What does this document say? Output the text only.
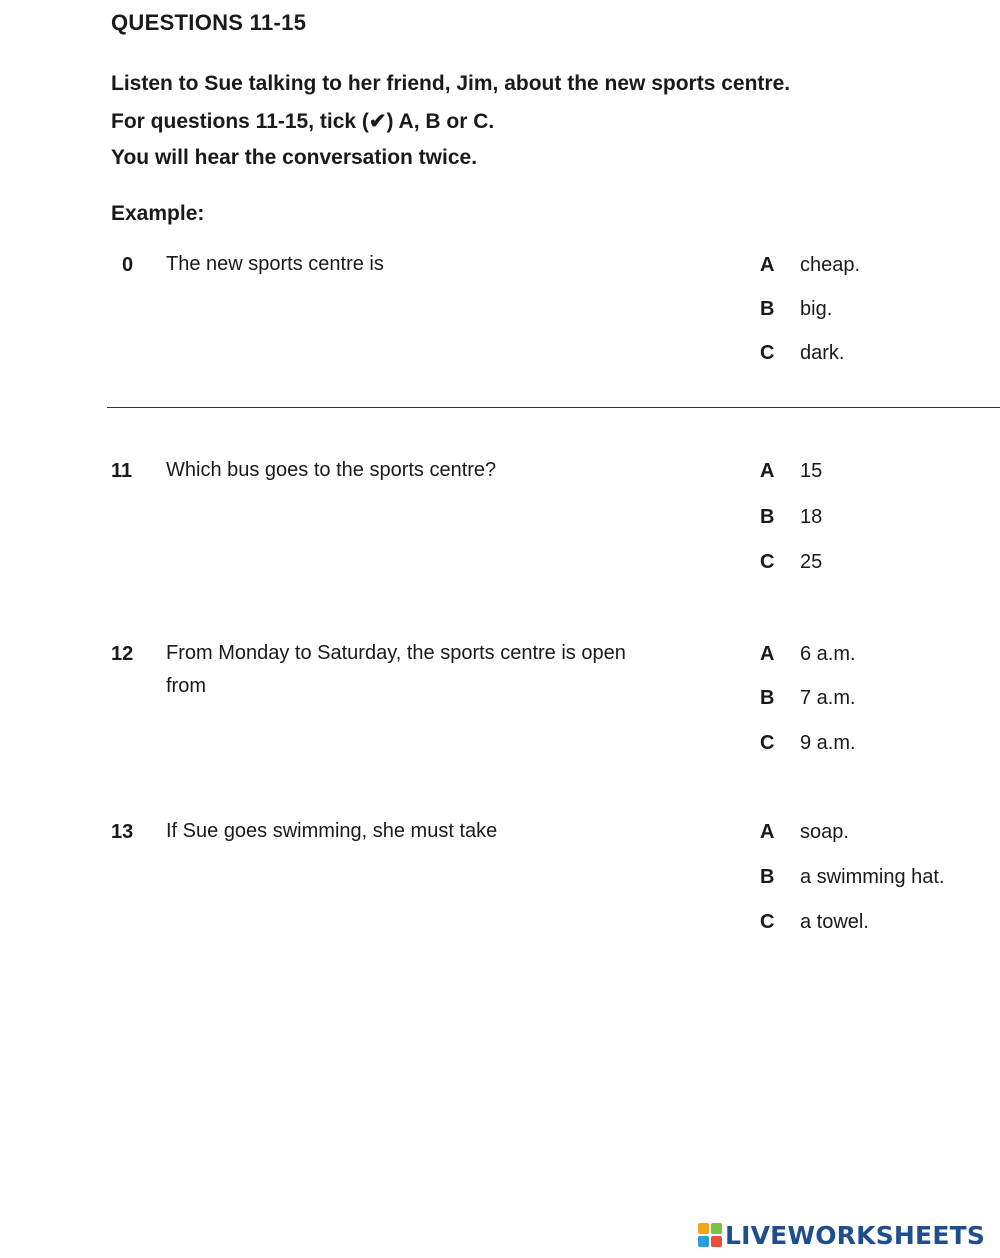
QUESTIONS 11-15
Listen to Sue talking to her friend, Jim, about the new sports centre.
For questions 11-15, tick (✔) A, B or C.
You will hear the conversation twice.
Example:
0	The new sports centre is	A cheap.
B big.
C dark.
11	Which bus goes to the sports centre?	A 15
B 18
C 25
12	From Monday to Saturday, the sports centre is open from
A 6 a.m.
B 7 a.m.
C 9 a.m.
13	If Sue goes swimming, she must take	A soap.
B a swimming hat.
C a towel.
LIVEWORKSHEETS
